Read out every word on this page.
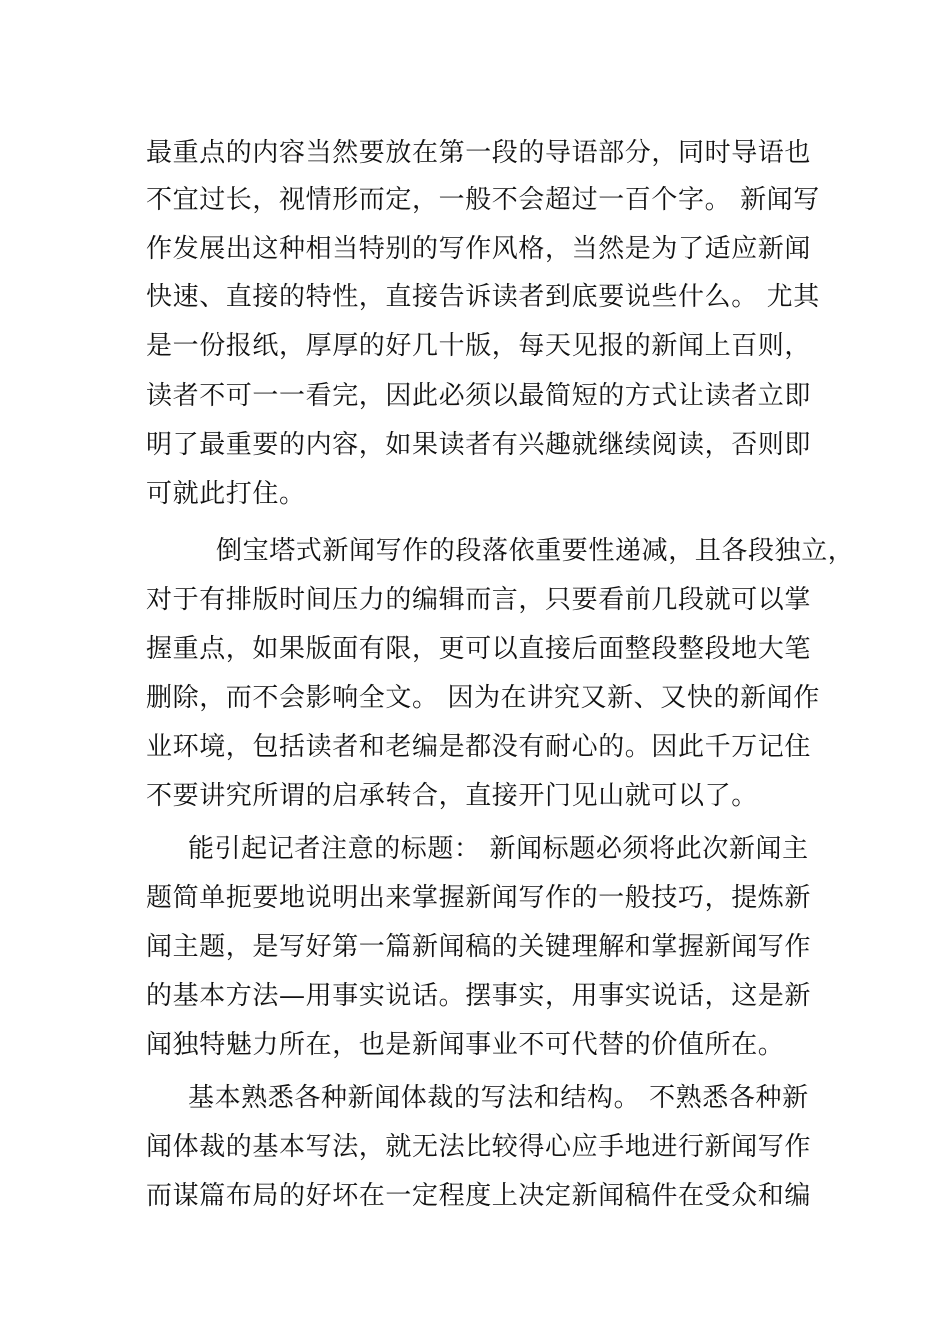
最重点的内容当然要放在第一段的导语部分，同时导语也
不宜过长，视情形而定，一般不会超过一百个字。 新闻写
作发展出这种相当特别的写作风格，当然是为了适应新闻
快速、直接的特性，直接告诉读者到底要说些什么。 尤其
是一份报纸，厚厚的好几十版，每天见报的新闻上百则，
读者不可一一看完，因此必须以最简短的方式让读者立即
明了最重要的内容，如果读者有兴趣就继续阅读，否则即
可就此打住。
倒宝塔式新闻写作的段落依重要性递减，且各段独立，
对于有排版时间压力的编辑而言，只要看前几段就可以掌
握重点，如果版面有限，更可以直接后面整段整段地大笔
删除，而不会影响全文。 因为在讲究又新、又快的新闻作
业环境，包括读者和老编是都没有耐心的。因此千万记住
不要讲究所谓的启承转合，直接开门见山就可以了。
能引起记者注意的标题： 新闻标题必须将此次新闻主
题简单扼要地说明出来掌握新闻写作的一般技巧，提炼新
闻主题，是写好第一篇新闻稿的关键理解和掌握新闻写作
的基本方法—用事实说话。摆事实，用事实说话，这是新
闻独特魅力所在，也是新闻事业不可代替的价值所在。
基本熟悉各种新闻体裁的写法和结构。 不熟悉各种新
闻体裁的基本写法，就无法比较得心应手地进行新闻写作
而谋篇布局的好坏在一定程度上决定新闻稿件在受众和编
